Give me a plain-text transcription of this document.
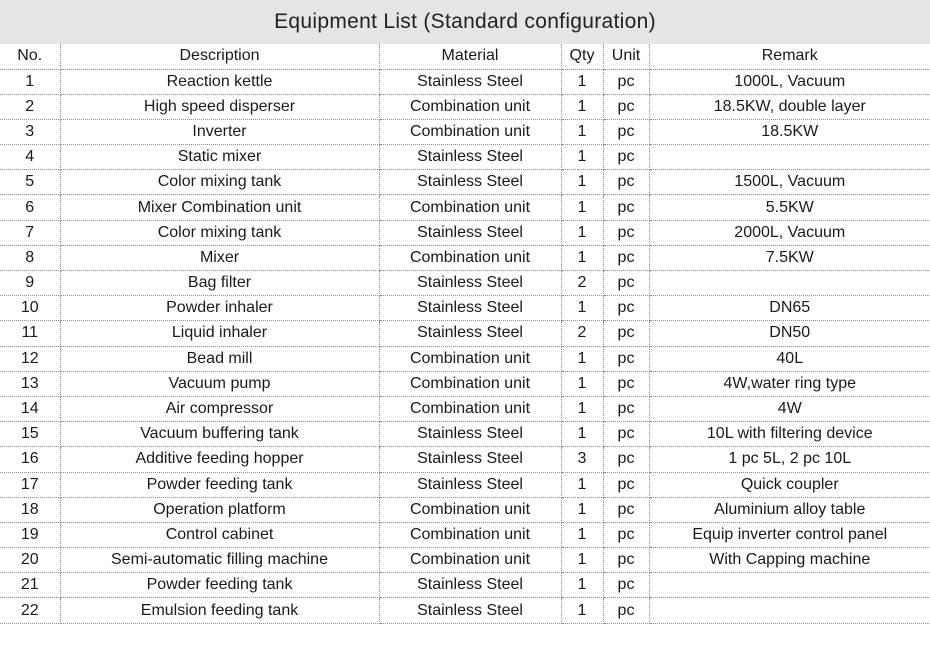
Equipment List (Standard configuration)
No.	Description	Material	Qty	Unit	Remark
1	Reaction kettle	Stainless Steel	1	pc	1000L, Vacuum
2	High speed disperser	Combination unit	1	pc	18.5KW, double layer
3	Inverter	Combination unit	1	pc	18.5KW
4	Static mixer	Stainless Steel	1	pc	
5	Color mixing tank	Stainless Steel	1	pc	1500L, Vacuum
6	Mixer Combination unit	Combination unit	1	pc	5.5KW
7	Color mixing tank	Stainless Steel	1	pc	2000L, Vacuum
8	Mixer	Combination unit	1	pc	7.5KW
9	Bag filter	Stainless Steel	2	pc	
10	Powder inhaler	Stainless Steel	1	pc	DN65
11	Liquid inhaler	Stainless Steel	2	pc	DN50
12	Bead mill	Combination unit	1	pc	40L
13	Vacuum pump	Combination unit	1	pc	4W,water ring type
14	Air compressor	Combination unit	1	pc	4W
15	Vacuum buffering tank	Stainless Steel	1	pc	10L with filtering device
16	Additive feeding hopper	Stainless Steel	3	pc	1 pc 5L, 2 pc 10L
17	Powder feeding tank	Stainless Steel	1	pc	Quick coupler
18	Operation platform	Combination unit	1	pc	Aluminium alloy table
19	Control cabinet	Combination unit	1	pc	Equip inverter control panel
20	Semi-automatic filling machine	Combination unit	1	pc	With Capping machine
21	Powder feeding tank	Stainless Steel	1	pc	
22	Emulsion feeding tank	Stainless Steel	1	pc	
